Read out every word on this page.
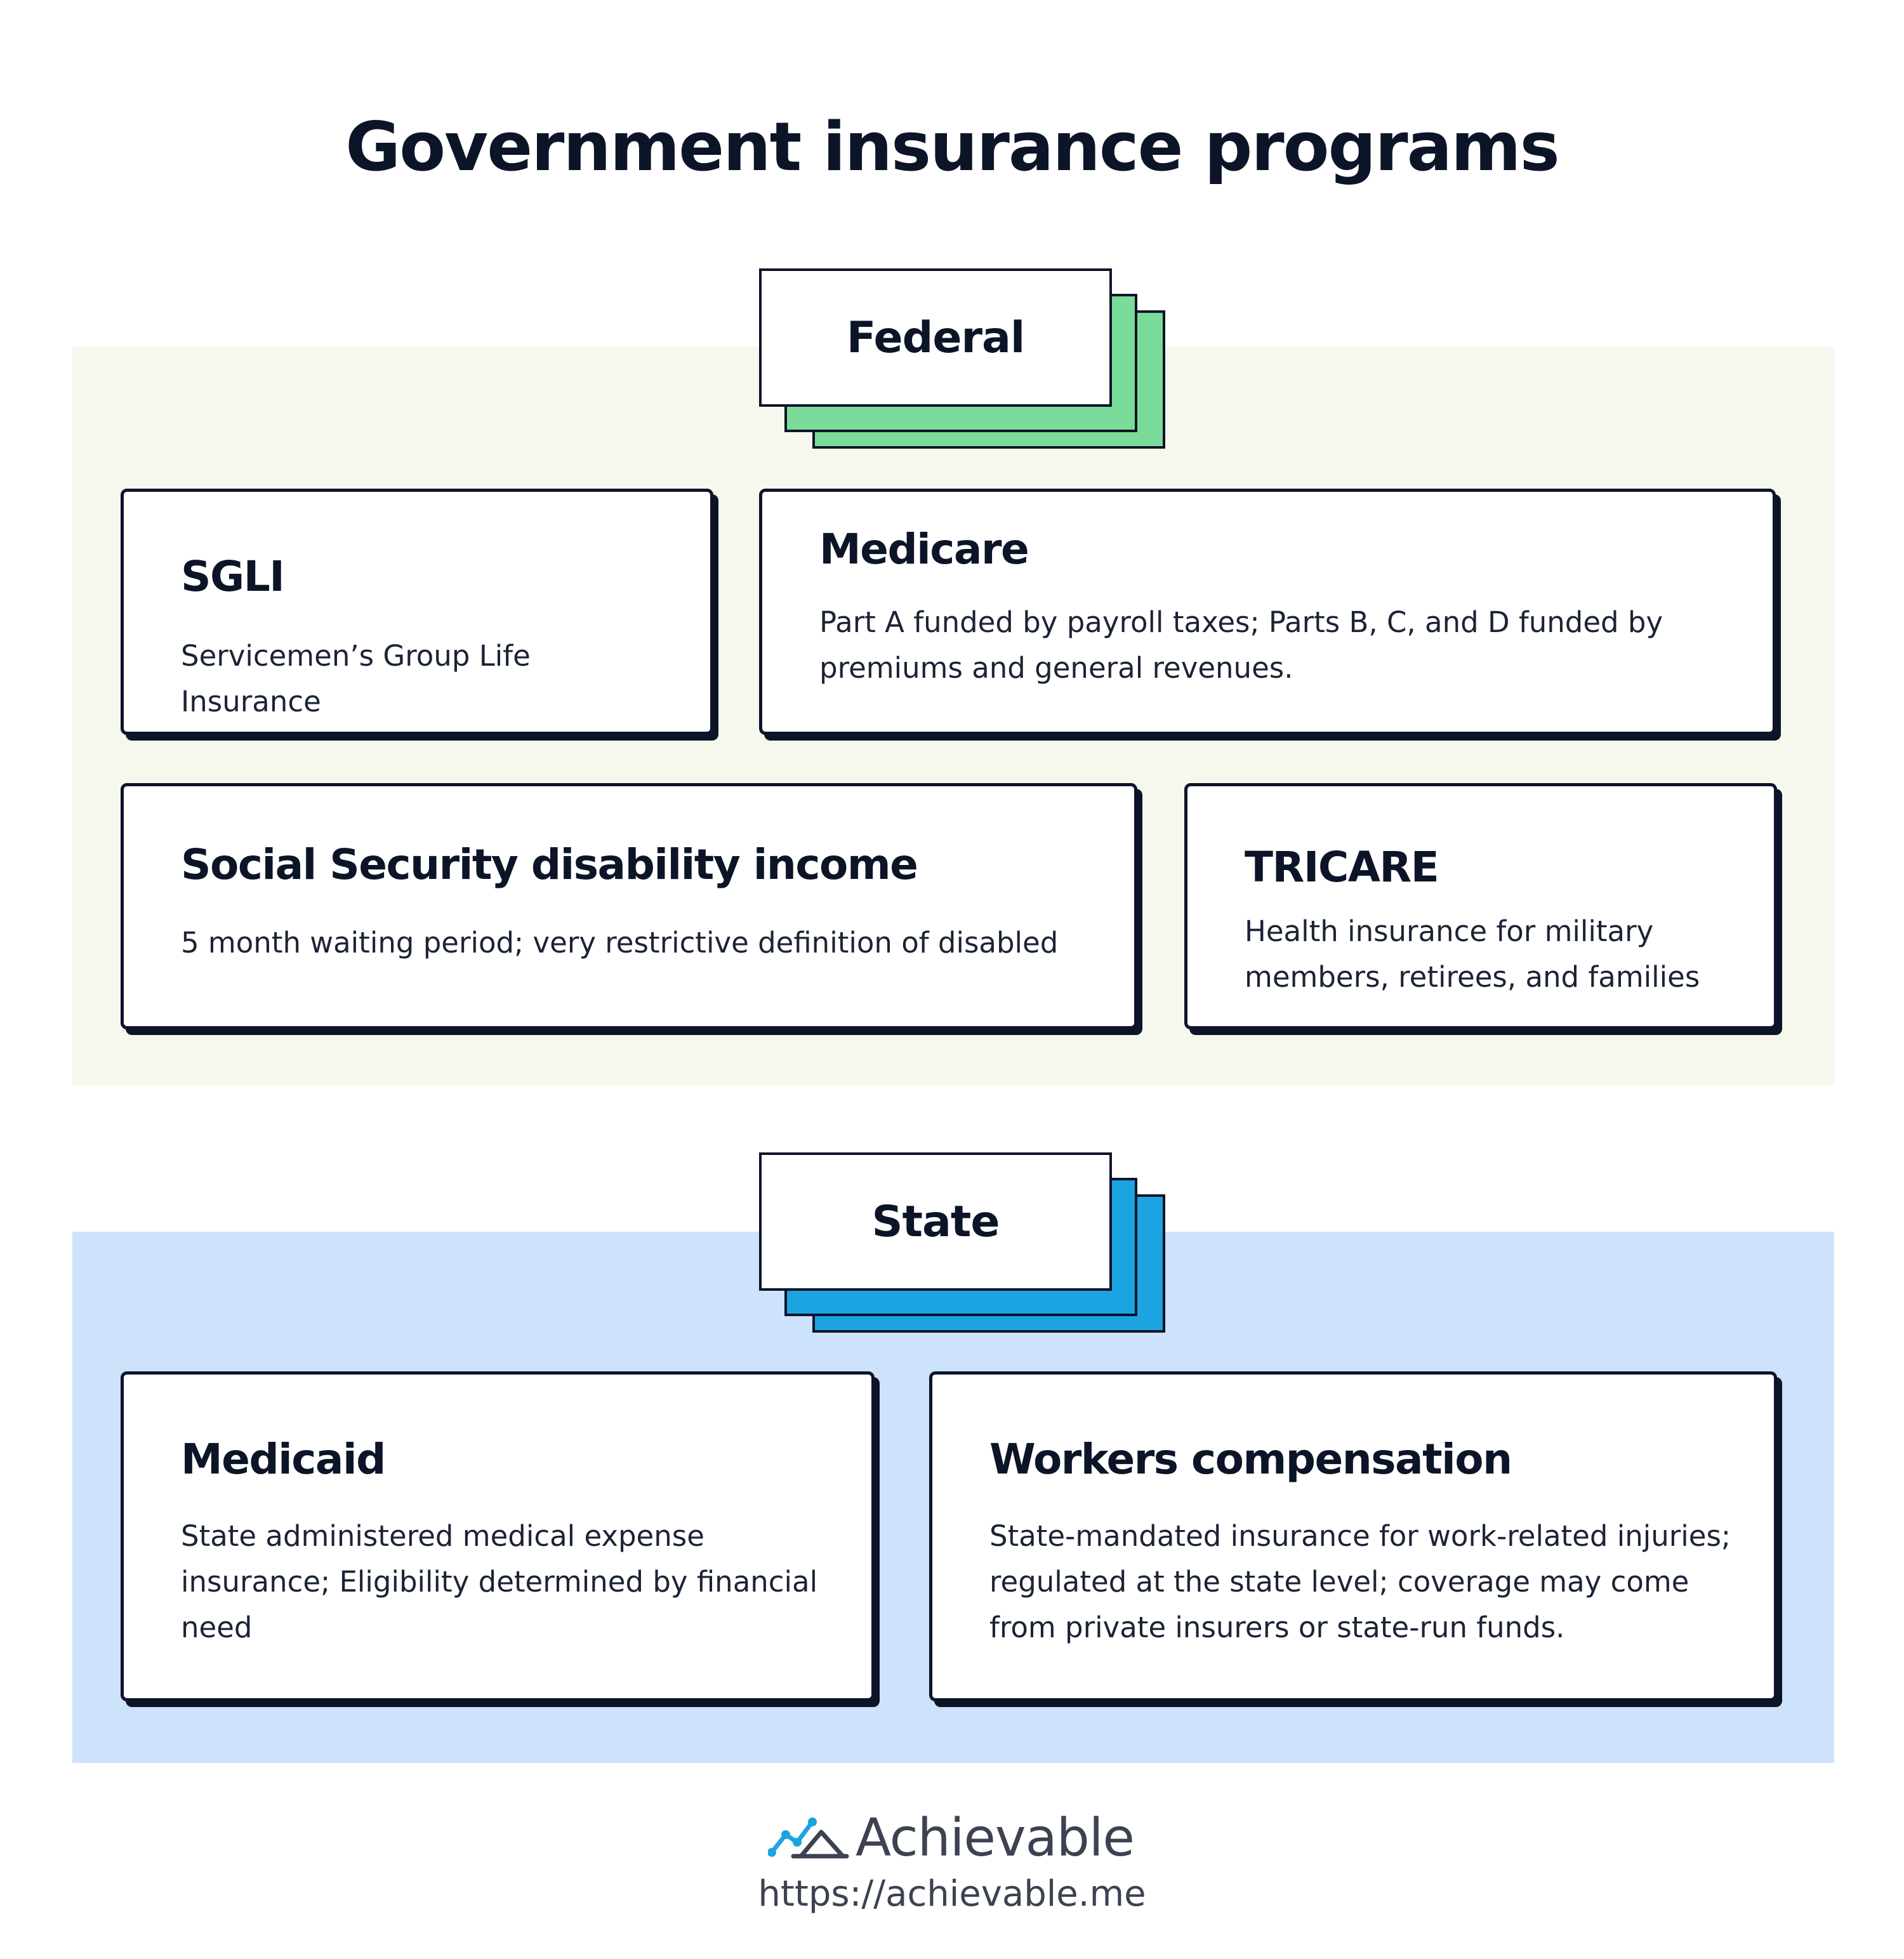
Government insurance programs
Federal

SGLI

Servicemen’s Group Life Insurance

Medicare

Part A funded by payroll taxes; Parts B, C, and D funded by premiums and general revenues.

Social Security disability income

5 month waiting period; very restrictive definition of disabled

TRICARE

Health insurance for military members, retirees, and families

State

Medicaid

State administered medical expense insurance; Eligibility determined by financial need

Workers compensation

State-mandated insurance for work-related injuries; regulated at the state level; coverage may come from private insurers or state-run funds.

Achievable
https://achievable.me
